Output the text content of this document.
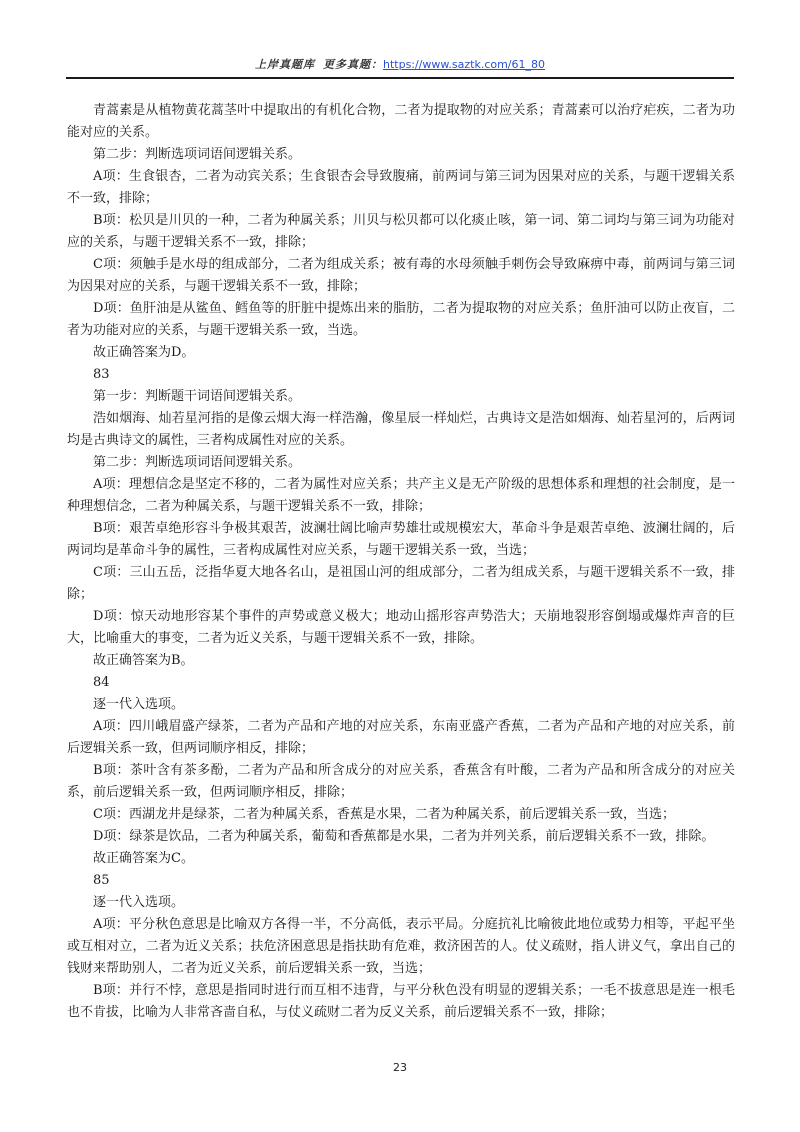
上岸真题库 更多真题：https://www.saztk.com/61_80

青蒿素是从植物黄花蒿茎叶中提取出的有机化合物，二者为提取物的对应关系；青蒿素可以治疗疟疾，二者为功能对应的关系。

第二步：判断选项词语间逻辑关系。

A项：生食银杏，二者为动宾关系；生食银杏会导致腹痛，前两词与第三词为因果对应的关系，与题干逻辑关系不一致，排除；

B项：松贝是川贝的一种，二者为种属关系；川贝与松贝都可以化痰止咳，第一词、第二词均与第三词为功能对应的关系，与题干逻辑关系不一致，排除；

C项：须触手是水母的组成部分，二者为组成关系；被有毒的水母须触手刺伤会导致麻痹中毒，前两词与第三词为因果对应的关系，与题干逻辑关系不一致，排除；

D项：鱼肝油是从鲨鱼、鳕鱼等的肝脏中提炼出来的脂肪，二者为提取物的对应关系；鱼肝油可以防止夜盲，二者为功能对应的关系，与题干逻辑关系一致，当选。

故正确答案为D。

83

第一步：判断题干词语间逻辑关系。

浩如烟海、灿若星河指的是像云烟大海一样浩瀚，像星辰一样灿烂，古典诗文是浩如烟海、灿若星河的，后两词均是古典诗文的属性，三者构成属性对应的关系。

第二步：判断选项词语间逻辑关系。

A项：理想信念是坚定不移的，二者为属性对应关系；共产主义是无产阶级的思想体系和理想的社会制度，是一种理想信念，二者为种属关系，与题干逻辑关系不一致，排除；

B项：艰苦卓绝形容斗争极其艰苦，波澜壮阔比喻声势雄壮或规模宏大，革命斗争是艰苦卓绝、波澜壮阔的，后两词均是革命斗争的属性，三者构成属性对应关系，与题干逻辑关系一致，当选；

C项：三山五岳，泛指华夏大地各名山，是祖国山河的组成部分，二者为组成关系，与题干逻辑关系不一致，排除；

D项：惊天动地形容某个事件的声势或意义极大；地动山摇形容声势浩大；天崩地裂形容倒塌或爆炸声音的巨大，比喻重大的事变，二者为近义关系，与题干逻辑关系不一致，排除。

故正确答案为B。

84

逐一代入选项。

A项：四川峨眉盛产绿茶，二者为产品和产地的对应关系，东南亚盛产香蕉，二者为产品和产地的对应关系，前后逻辑关系一致，但两词顺序相反，排除；

B项：茶叶含有茶多酚，二者为产品和所含成分的对应关系，香蕉含有叶酸，二者为产品和所含成分的对应关系，前后逻辑关系一致，但两词顺序相反，排除；

C项：西湖龙井是绿茶，二者为种属关系，香蕉是水果，二者为种属关系，前后逻辑关系一致，当选；

D项：绿茶是饮品，二者为种属关系，葡萄和香蕉都是水果，二者为并列关系，前后逻辑关系不一致，排除。

故正确答案为C。

85

逐一代入选项。

A项：平分秋色意思是比喻双方各得一半，不分高低，表示平局。分庭抗礼比喻彼此地位或势力相等，平起平坐或互相对立，二者为近义关系；扶危济困意思是指扶助有危难，救济困苦的人。仗义疏财，指人讲义气，拿出自己的钱财来帮助别人，二者为近义关系，前后逻辑关系一致，当选；

B项：并行不悖，意思是指同时进行而互相不违背，与平分秋色没有明显的逻辑关系；一毛不拔意思是连一根毛也不肯拔，比喻为人非常吝啬自私，与仗义疏财二者为反义关系，前后逻辑关系不一致，排除；

23
